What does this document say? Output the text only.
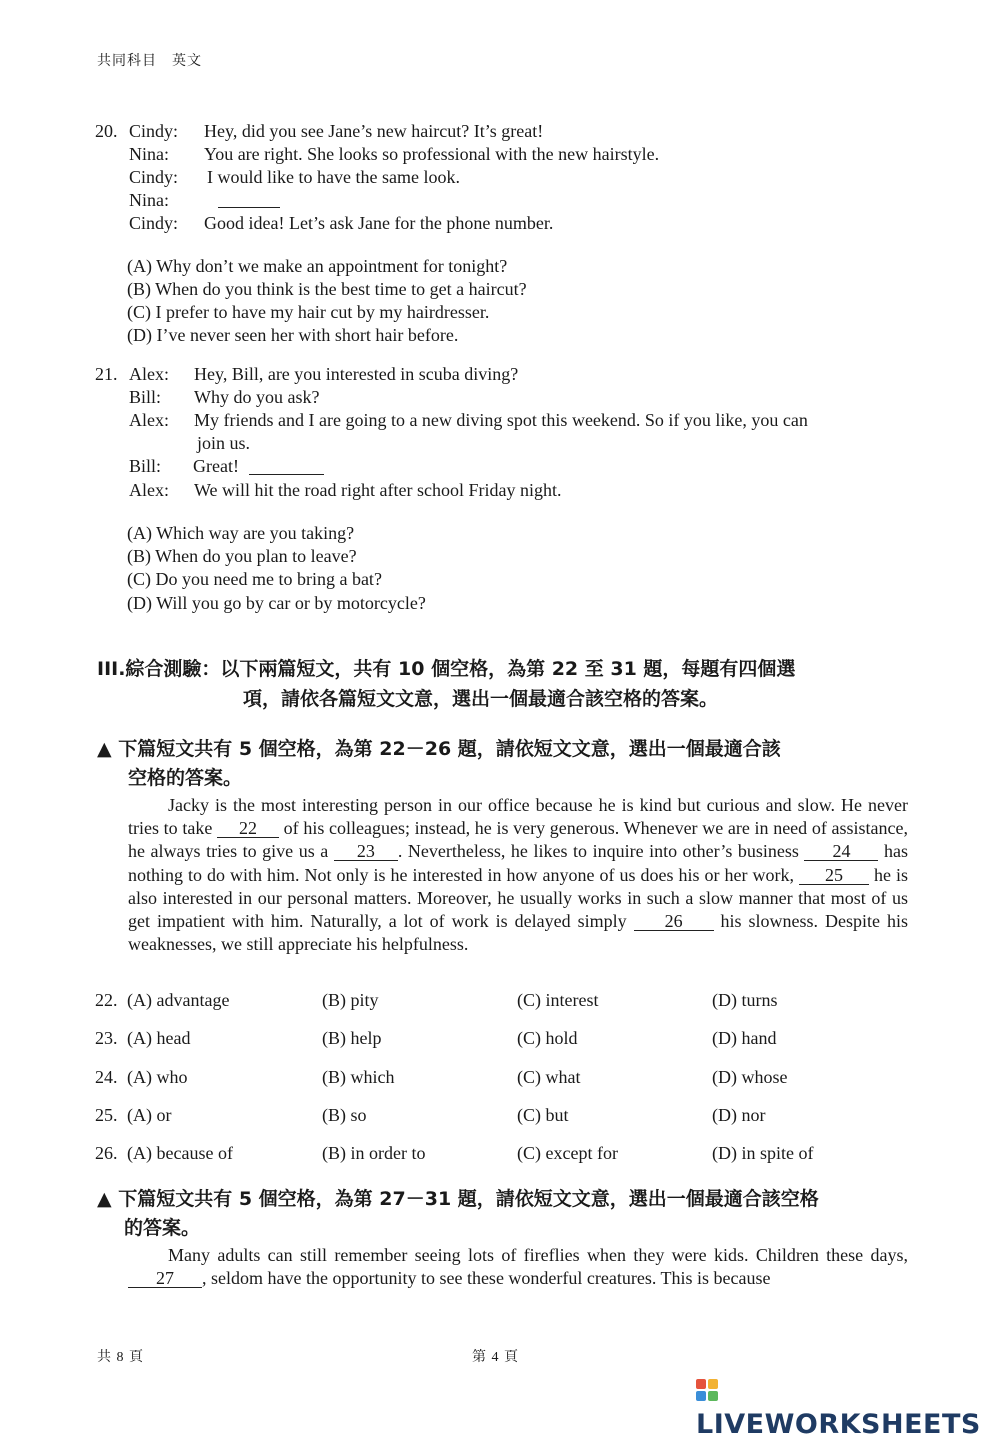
共同科目　英文
20. Cindy: Hey, did you see Jane’s new haircut? It’s great!
Nina: You are right. She looks so professional with the new hairstyle.
Cindy: I would like to have the same look.
Nina:
Cindy: Good idea! Let’s ask Jane for the phone number.
(A) Why don’t we make an appointment for tonight?
(B) When do you think is the best time to get a haircut?
(C) I prefer to have my hair cut by my hairdresser.
(D) I’ve never seen her with short hair before.
21. Alex: Hey, Bill, are you interested in scuba diving?
Bill: Why do you ask?
Alex: My friends and I are going to a new diving spot this weekend. So if you like, you can
join us.
Bill: Great!
Alex: We will hit the road right after school Friday night.
(A) Which way are you taking?
(B) When do you plan to leave?
(C) Do you need me to bring a bat?
(D) Will you go by car or by motorcycle?
III.綜合測驗：以下兩篇短文，共有 10 個空格，為第 22 至 31 題，每題有四個選
項，請依各篇短文文意，選出一個最適合該空格的答案。
▲ 下篇短文共有 5 個空格，為第 22－26 題，請依短文文意，選出一個最適合該
空格的答案。

Jacky is the most interesting person in our office because he is kind but curious and slow. He never tries to take 22 of his colleagues; instead, he is very generous. Whenever we are in need of assistance, he always tries to give us a 23 . Nevertheless, he likes to inquire into other’s business 24 has nothing to do with him. Not only is he interested in how anyone of us does his or her work, 25 he is also interested in our personal matters. Moreover, he usually works in such a slow manner that most of us get impatient with him. Naturally, a lot of work is delayed simply 26 his slowness. Despite his weaknesses, we still appreciate his helpfulness.

22. (A) advantage	(B) pity	(C) interest	(D) turns
23. (A) head	(B) help	(C) hold	(D) hand
24. (A) who	(B) which	(C) what	(D) whose
25. (A) or	(B) so	(C) but	(D) nor
26. (A) because of	(B) in order to	(C) except for	(D) in spite of
▲ 下篇短文共有 5 個空格，為第 27－31 題，請依短文文意，選出一個最適合該空格
的答案。

Many adults can still remember seeing lots of fireflies when they were kids. Children these days, 27 , seldom have the opportunity to see these wonderful creatures. This is because

共 8 頁	第 4 頁
LIVEWORKSHEETS
